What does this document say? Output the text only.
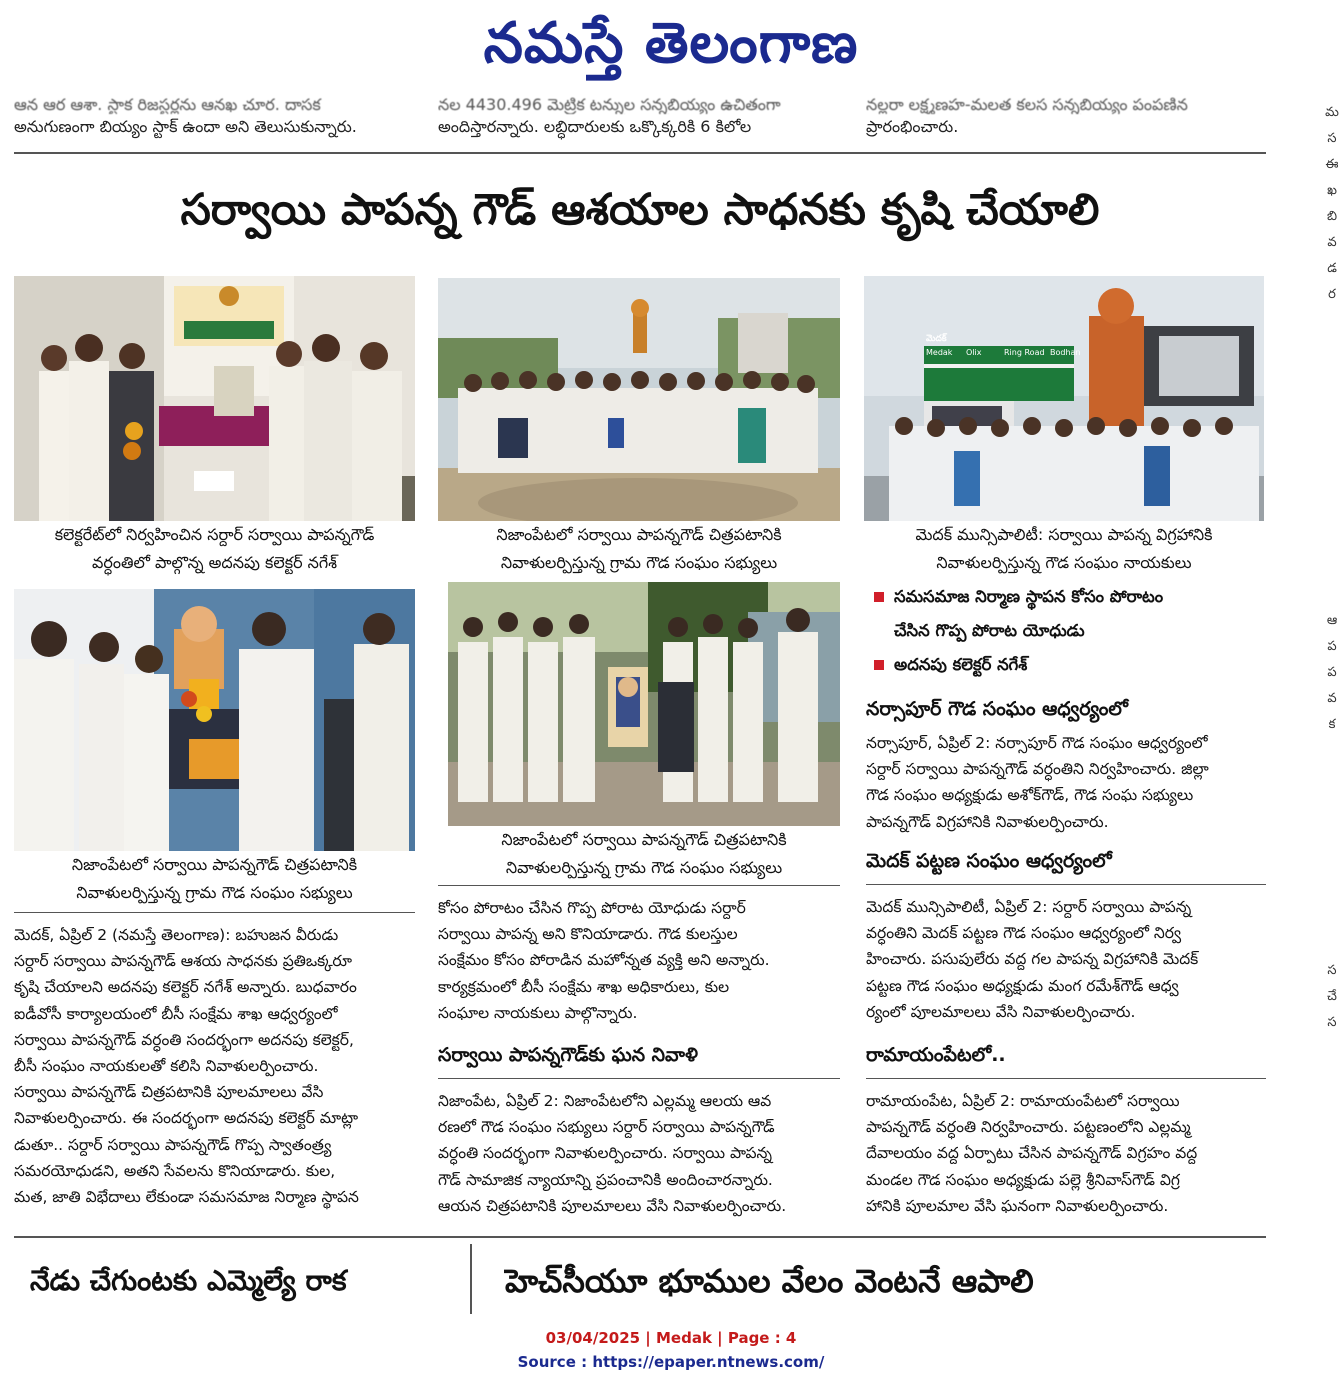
నమస్తే తెలంగాణ
ఆన ఆర ఆశా. స్టాక రిజస్టర్లను ఆనఖ చూర. దాసక
అనుగుణంగా బియ్యం స్టాక్ ఉందా అని తెలుసుకున్నారు.
నల 4430.496 మెట్రిక టన్నుల సన్నబియ్యం ఉచితంగా
అందిస్తారన్నారు. లబ్ధిదారులకు ఒక్కొక్కరికి 6 కిలోల
నల్లరా లక్ష్మణహ-మలత కలస సన్నబియ్యం పంపణిన
ప్రారంభించారు.
సర్వాయి పాపన్న గౌడ్ ఆశయాల సాధనకు కృషి చేయాలి
కలెక్టరేట్‌లో నిర్వహించిన సర్దార్ సర్వాయి పాపన్నగౌడ్
వర్ధంతిలో పాల్గొన్న అదనపు కలెక్టర్ నగేశ్
నిజాంపేటలో సర్వాయి పాపన్నగౌడ్ చిత్రపటానికి
నివాళులర్పిస్తున్న గ్రామ గౌడ సంఘం సభ్యులు
మెదక్
Medak Olix	Ring Road Bodhan
మెదక్ మున్సిపాలిటీ: సర్వాయి పాపన్న విగ్రహానికి
నివాళులర్పిస్తున్న గౌడ సంఘం నాయకులు
నిజాంపేటలో సర్వాయి పాపన్నగౌడ్ చిత్రపటానికి
నివాళులర్పిస్తున్న గ్రామ గౌడ సంఘం సభ్యులు
నిజాంపేటలో సర్వాయి పాపన్నగౌడ్ చిత్రపటానికి
నివాళులర్పిస్తున్న గ్రామ గౌడ సంఘం సభ్యులు
సమసమాజ నిర్మాణ స్థాపన కోసం పోరాటం
చేసిన గొప్ప పోరాట యోధుడు
అదనపు కలెక్టర్ నగేశ్
మెదక్, ఏప్రిల్ 2 (నమస్తే తెలంగాణ): బహుజన వీరుడు
సర్దార్ సర్వాయి పాపన్నగౌడ్ ఆశయ సాధనకు ప్రతిఒక్కరూ
కృషి చేయాలని అదనపు కలెక్టర్ నగేశ్ అన్నారు. బుధవారం
ఐడీవోసీ కార్యాలయంలో బీసీ సంక్షేమ శాఖ ఆధ్వర్యంలో
సర్వాయి పాపన్నగౌడ్ వర్ధంతి సందర్భంగా అదనపు కలెక్టర్,
బీసీ సంఘం నాయకులతో కలిసి నివాళులర్పించారు.
సర్వాయి పాపన్నగౌడ్ చిత్రపటానికి పూలమాలలు వేసి
నివాళులర్పించారు. ఈ సందర్భంగా అదనపు కలెక్టర్ మాట్లా
డుతూ.. సర్దార్ సర్వాయి పాపన్నగౌడ్ గొప్ప స్వాతంత్ర్య
సమరయోధుడని, అతని సేవలను కొనియాడారు. కుల,
మత, జాతి విభేదాలు లేకుండా సమసమాజ నిర్మాణ స్థాపన
కోసం పోరాటం చేసిన గొప్ప పోరాట యోధుడు సర్దార్
సర్వాయి పాపన్న అని కొనియాడారు. గౌడ కులస్తుల
సంక్షేమం కోసం పోరాడిన మహోన్నత వ్యక్తి అని అన్నారు.
కార్యక్రమంలో బీసీ సంక్షేమ శాఖ అధికారులు, కుల
సంఘాల నాయకులు పాల్గొన్నారు.
సర్వాయి పాపన్నగౌడ్‌కు ఘన నివాళి
నిజాంపేట, ఏప్రిల్ 2: నిజాంపేటలోని ఎల్లమ్మ ఆలయ ఆవ
రణలో గౌడ సంఘం సభ్యులు సర్దార్ సర్వాయి పాపన్నగౌడ్
వర్ధంతి సందర్భంగా నివాళులర్పించారు. సర్వాయి పాపన్న
గౌడ్ సామాజిక న్యాయాన్ని ప్రపంచానికి అందించారన్నారు.
ఆయన చిత్రపటానికి పూలమాలలు వేసి నివాళులర్పించారు.
నర్సాపూర్ గౌడ సంఘం ఆధ్వర్యంలో
నర్సాపూర్, ఏప్రిల్ 2: నర్సాపూర్ గౌడ సంఘం ఆధ్వర్యంలో
సర్దార్ సర్వాయి పాపన్నగౌడ్ వర్ధంతిని నిర్వహించారు. జిల్లా
గౌడ సంఘం అధ్యక్షుడు అశోక్‌గౌడ్, గౌడ సంఘ సభ్యులు
పాపన్నగౌడ్ విగ్రహానికి నివాళులర్పించారు.
మెదక్ పట్టణ సంఘం ఆధ్వర్యంలో
మెదక్ మున్సిపాలిటీ, ఏప్రిల్ 2: సర్దార్ సర్వాయి పాపన్న
వర్ధంతిని మెదక్ పట్టణ గౌడ సంఘం ఆధ్వర్యంలో నిర్వ
హించారు. పసుపులేరు వద్ద గల పాపన్న విగ్రహానికి మెదక్
పట్టణ గౌడ సంఘం అధ్యక్షుడు మంగ రమేశ్‌గౌడ్ ఆధ్వ
ర్యంలో పూలమాలలు వేసి నివాళులర్పించారు.
రామాయంపేటలో..
రామాయంపేట, ఏప్రిల్ 2: రామాయంపేటలో సర్వాయి
పాపన్నగౌడ్ వర్ధంతి నిర్వహించారు. పట్టణంలోని ఎల్లమ్మ
దేవాలయం వద్ద ఏర్పాటు చేసిన పాపన్నగౌడ్ విగ్రహం వద్ద
మండల గౌడ సంఘం అధ్యక్షుడు పల్లె శ్రీనివాస్‌గౌడ్ విగ్ర
హానికి పూలమాల వేసి ఘనంగా నివాళులర్పించారు.
నేడు చేగుంటకు ఎమ్మెల్యే రాక	హెచ్‌సీయూ భూముల వేలం వెంటనే ఆపాలి
మ
స
ఈ
ఖ
బి
వ
డ
ర
ఆ
ప
ప
వ
క
స
చే
స
03/04/2025 | Medak | Page : 4
Source : https://epaper.ntnews.com/
